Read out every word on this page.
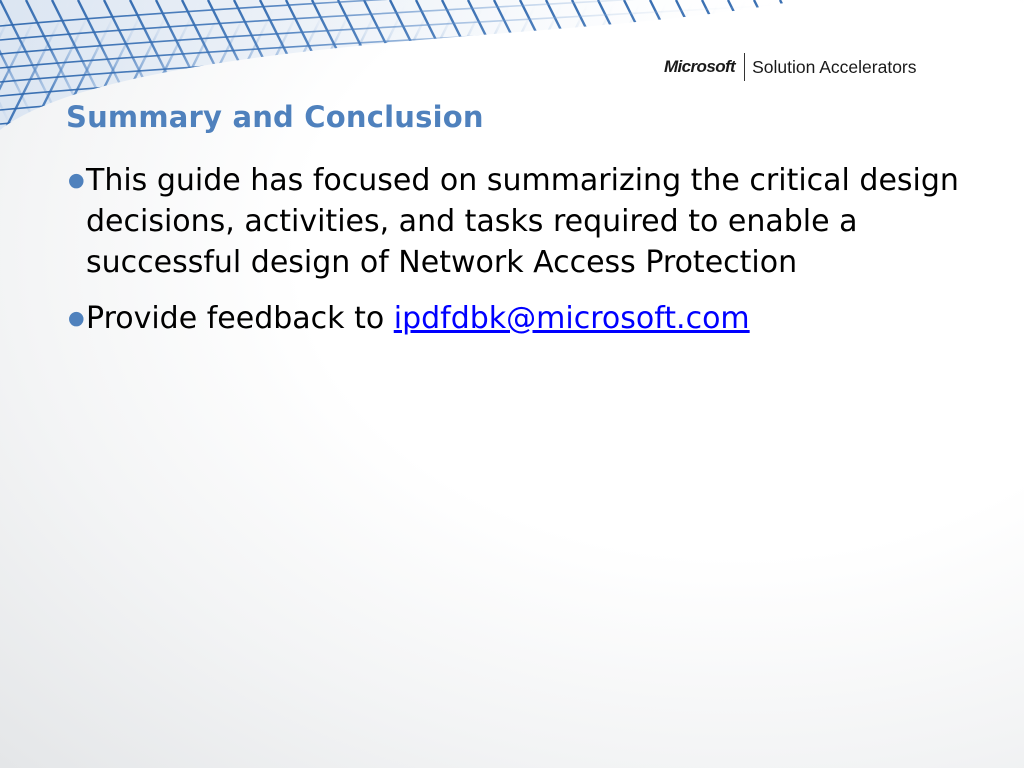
Microsoft Solution Accelerators
Summary and Conclusion
● This guide has focused on summarizing the critical design decisions, activities, and tasks required to enable a successful design of Network Access Protection
● Provide feedback to ipdfdbk@microsoft.com
